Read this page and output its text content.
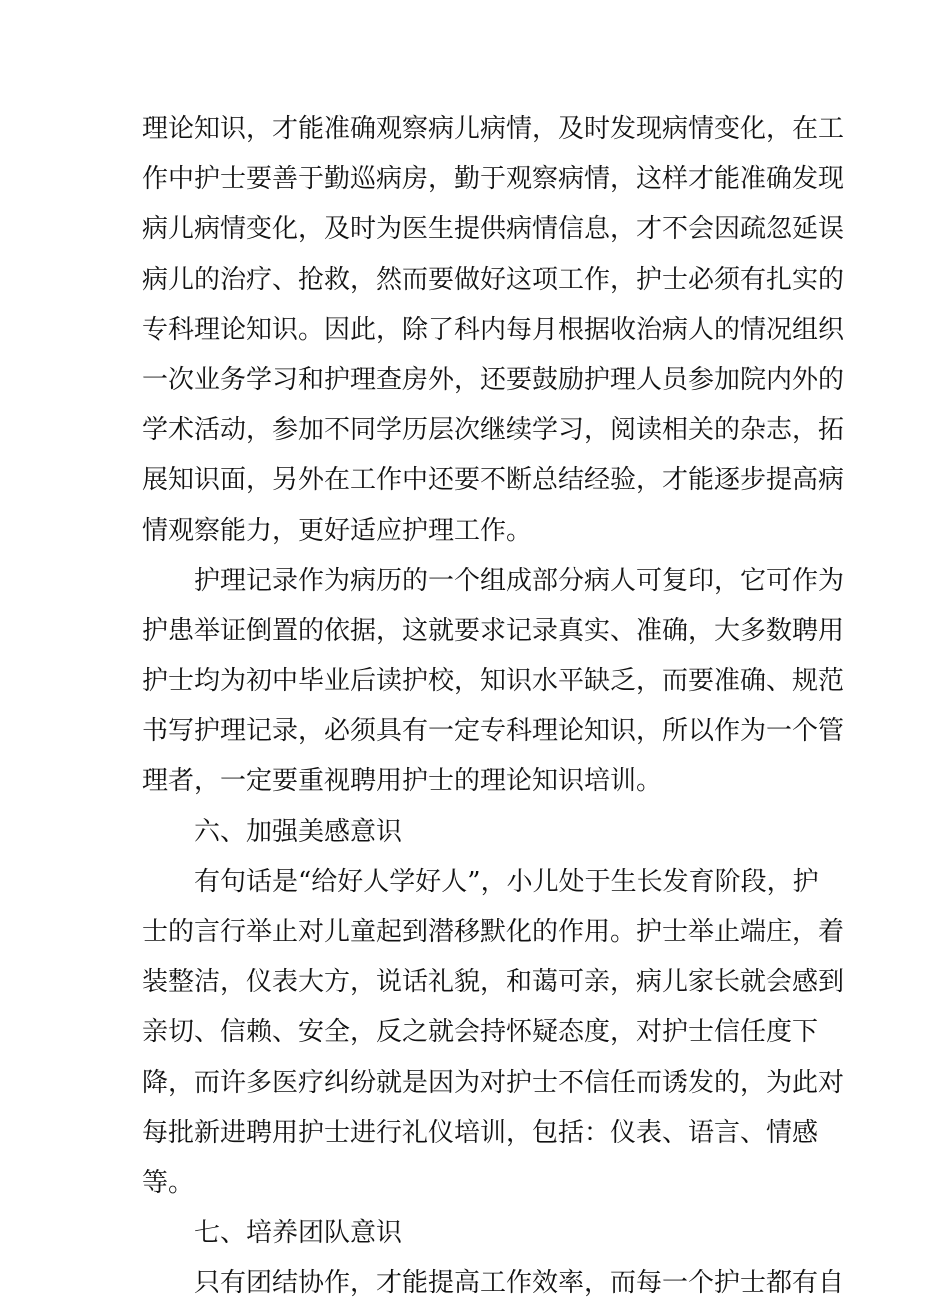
理论知识，才能准确观察病儿病情，及时发现病情变化，在工
作中护士要善于勤巡病房，勤于观察病情，这样才能准确发现
病儿病情变化，及时为医生提供病情信息，才不会因疏忽延误
病儿的治疗、抢救，然而要做好这项工作，护士必须有扎实的
专科理论知识。因此，除了科内每月根据收治病人的情况组织
一次业务学习和护理查房外，还要鼓励护理人员参加院内外的
学术活动，参加不同学历层次继续学习，阅读相关的杂志，拓
展知识面，另外在工作中还要不断总结经验，才能逐步提高病
情观察能力，更好适应护理工作。

护理记录作为病历的一个组成部分病人可复印，它可作为
护患举证倒置的依据，这就要求记录真实、准确，大多数聘用
护士均为初中毕业后读护校，知识水平缺乏，而要准确、规范
书写护理记录，必须具有一定专科理论知识，所以作为一个管
理者，一定要重视聘用护士的理论知识培训。

六、加强美感意识

有句话是“给好人学好人”，小儿处于生长发育阶段，护
士的言行举止对儿童起到潜移默化的作用。护士举止端庄，着
装整洁，仪表大方，说话礼貌，和蔼可亲，病儿家长就会感到
亲切、信赖、安全，反之就会持怀疑态度，对护士信任度下
降，而许多医疗纠纷就是因为对护士不信任而诱发的，为此对
每批新进聘用护士进行礼仪培训，包括：仪表、语言、情感
等。

七、培养团队意识

只有团结协作，才能提高工作效率，而每一个护士都有自
